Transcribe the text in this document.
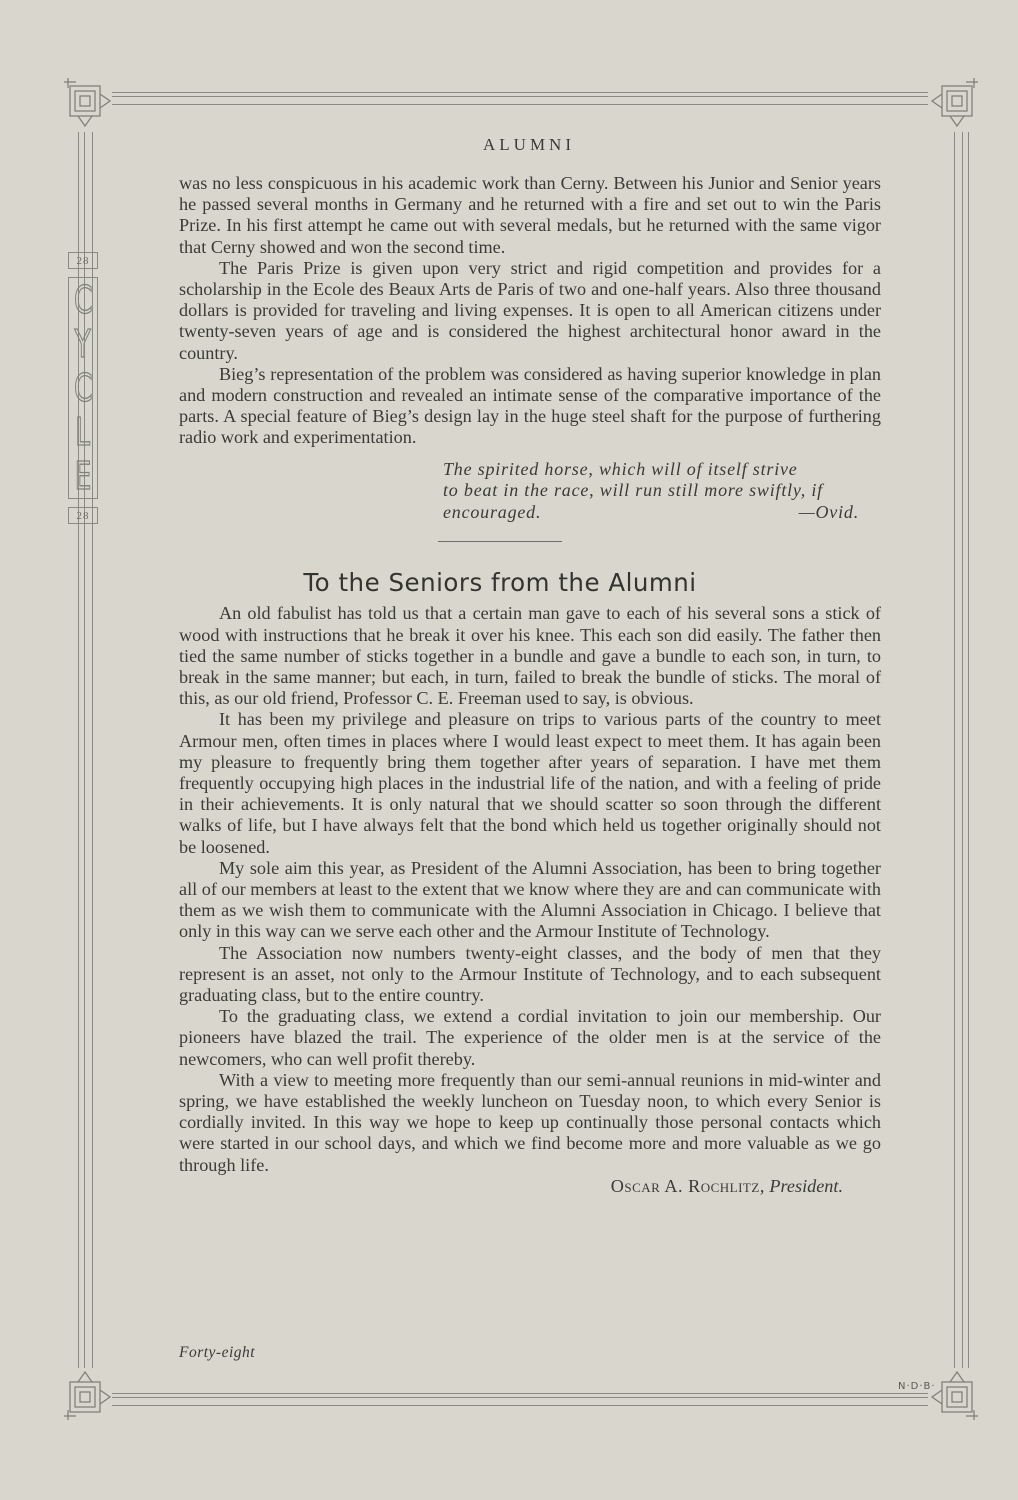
28
C
Y
C
L
E
28
ALUMNI

was no less conspicuous in his academic work than Cerny. Between his Junior and Senior years he passed several months in Germany and he returned with a fire and set out to win the Paris Prize. In his first attempt he came out with several medals, but he returned with the same vigor that Cerny showed and won the second time.

The Paris Prize is given upon very strict and rigid competition and provides for a scholarship in the Ecole des Beaux Arts de Paris of two and one-half years. Also three thousand dollars is provided for traveling and living expenses. It is open to all American citizens under twenty-seven years of age and is considered the highest architectural honor award in the country.

Bieg’s representation of the problem was considered as having superior knowledge in plan and modern construction and revealed an intimate sense of the comparative importance of the parts. A special feature of Bieg’s design lay in the huge steel shaft for the purpose of furthering radio work and experimentation.

The spirited horse, which will of itself strive
to beat in the race, will run still more swiftly, if
encouraged.	—Ovid.
To the Seniors from the Alumni

An old fabulist has told us that a certain man gave to each of his several sons a stick of wood with instructions that he break it over his knee. This each son did easily. The father then tied the same number of sticks together in a bundle and gave a bundle to each son, in turn, to break in the same manner; but each, in turn, failed to break the bundle of sticks. The moral of this, as our old friend, Professor C. E. Freeman used to say, is obvious.

It has been my privilege and pleasure on trips to various parts of the country to meet Armour men, often times in places where I would least expect to meet them. It has again been my pleasure to frequently bring them together after years of separation. I have met them frequently occupying high places in the industrial life of the nation, and with a feeling of pride in their achievements. It is only natural that we should scatter so soon through the different walks of life, but I have always felt that the bond which held us together originally should not be loosened.

My sole aim this year, as President of the Alumni Association, has been to bring together all of our members at least to the extent that we know where they are and can communicate with them as we wish them to communicate with the Alumni Association in Chicago. I believe that only in this way can we serve each other and the Armour Institute of Technology.

The Association now numbers twenty-eight classes, and the body of men that they represent is an asset, not only to the Armour Institute of Technology, and to each subsequent graduating class, but to the entire country.

To the graduating class, we extend a cordial invitation to join our membership. Our pioneers have blazed the trail. The experience of the older men is at the service of the newcomers, who can well profit thereby.

With a view to meeting more frequently than our semi-annual reunions in mid-winter and spring, we have established the weekly luncheon on Tuesday noon, to which every Senior is cordially invited. In this way we hope to keep up continually those personal contacts which were started in our school days, and which we find become more and more valuable as we go through life.

Oscar A. Rochlitz, President.
Forty-eight
N·D·B·
